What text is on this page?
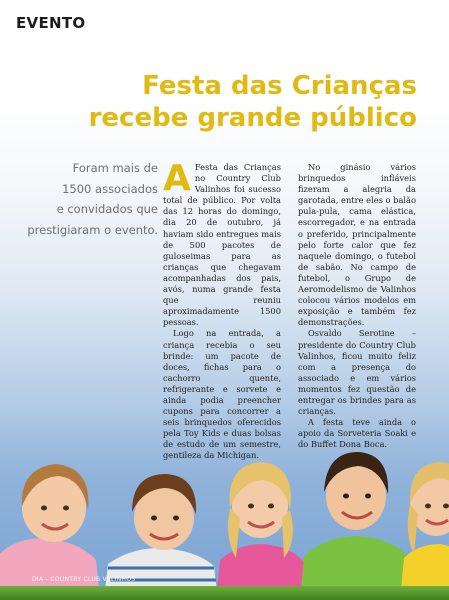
EVENTO
Festa das Crianças
recebe grande público
Foram mais de
1500 associados
e convidados que
prestigiaram o evento.

A Festa das Crianças no Country Club Valinhos foi sucesso total de público. Por volta das 12 horas do domingo, dia 20 de outubro, já haviam sido entregues mais de 500 pacotes de guloseimas para as crianças que chegavam acompanhadas dos pais, avós, numa grande festa que reuniu aproximadamente 1500 pessoas.

Logo na entrada, a criança recebia o seu brinde: um pacote de doces, fichas para o cachorro quente, refrigerante e sorvete e ainda podia preencher cupons para concorrer a seis brinquedos oferecidos pela Toy Kids e duas bolsas de estudo de um semestre, gentileza da Michigan.

No ginásio vários brinquedos infláveis fizeram a alegria da garotada, entre eles o balão pula-pula, cama elástica, escorregador, e na entrada o preferido, principalmente pelo forte calor que fez naquele domingo, o futebol de sabão. No campo de futebol, o Grupo de Aeromodelismo de Valinhos colocou vários modelos em exposição e também fez demonstrações.

Osvaldo Serotine – presidente do Country Club Valinhos, ficou muito feliz com a presença do associado e em vários momentos fez questão de entregar os brindes para as crianças.

A festa teve ainda o apoio da Sorveteria Soaki e do Buffet Dona Boca.

DIA - COUNTRY CLUB VALINHOS
